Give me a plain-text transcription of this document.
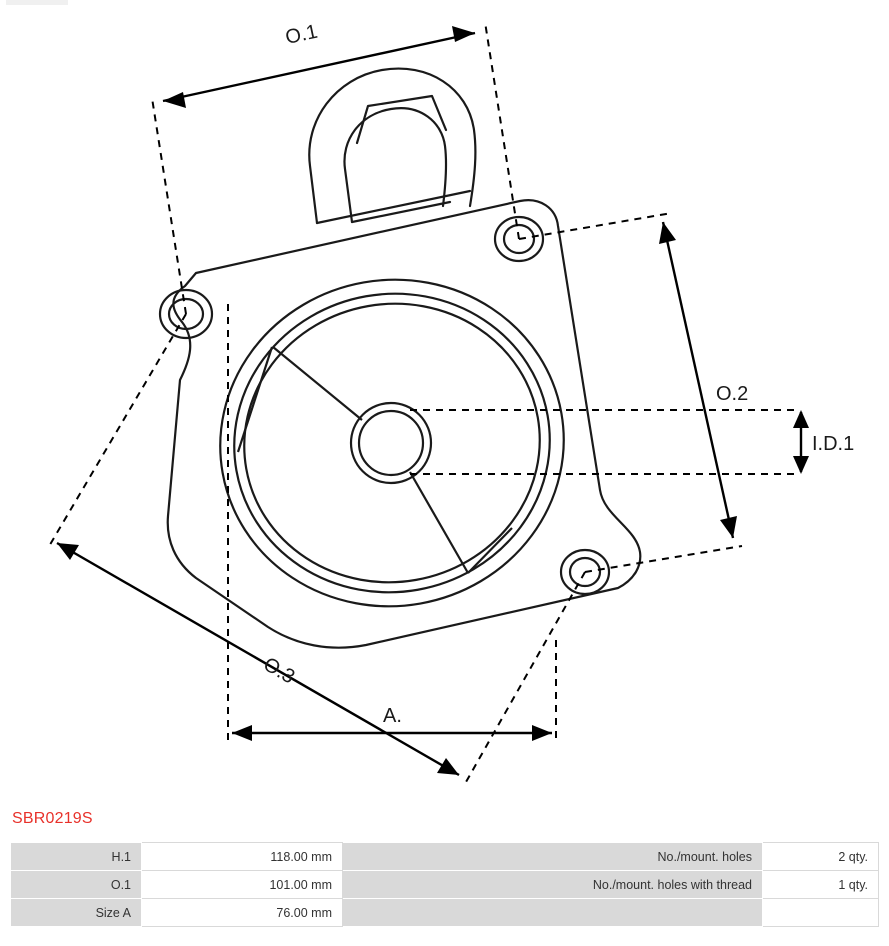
O.1
O.2
O.3
A.
I.D.1
SBR0219S
H.1	118.00 mm	No./mount. holes	2 qty.
O.1	101.00 mm	No./mount. holes with thread	1 qty.
Size A	76.00 mm		
